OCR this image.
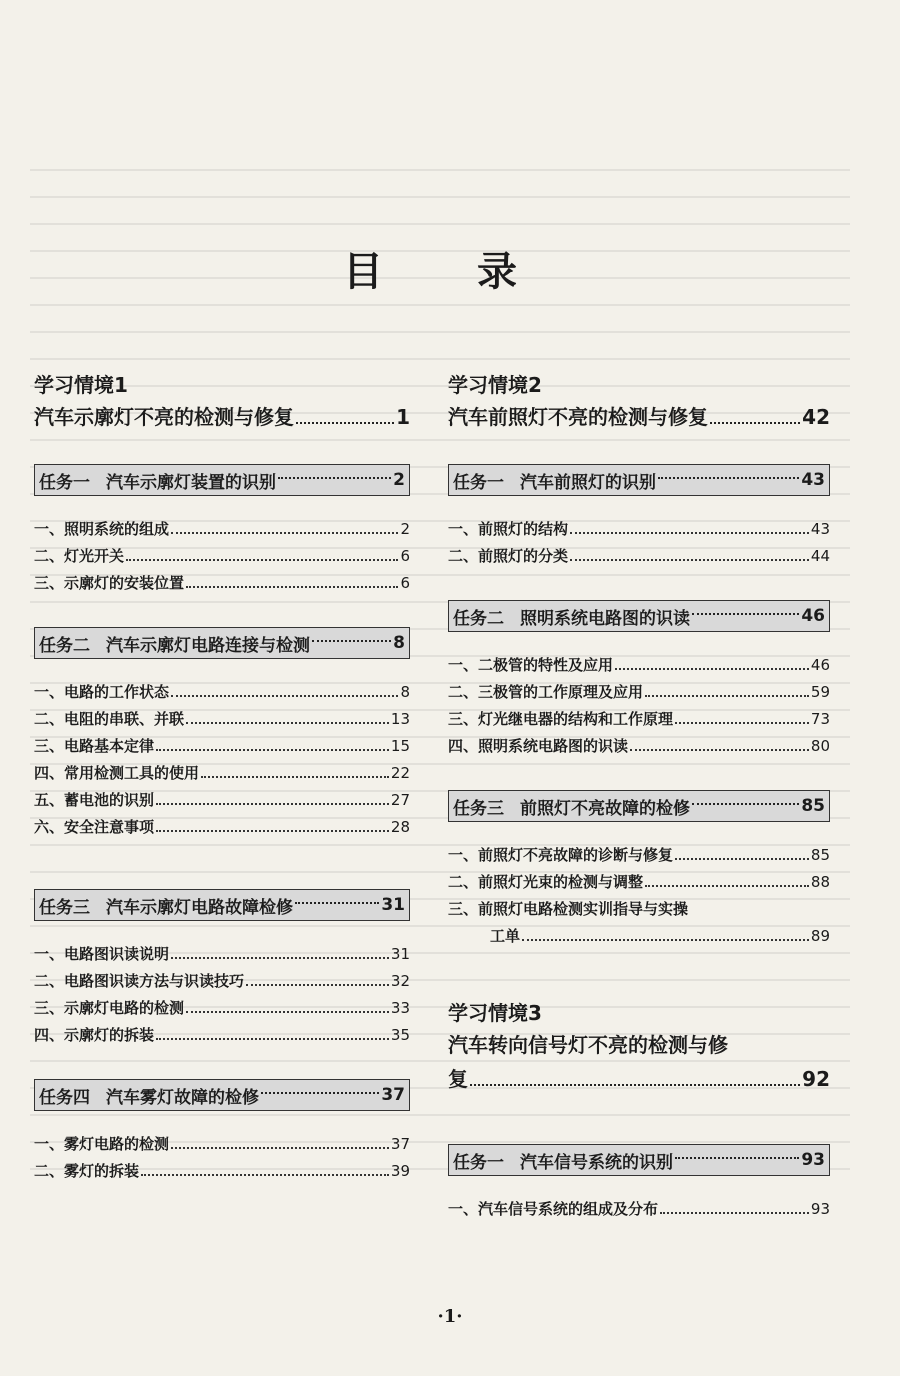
目 录
学习情境1
汽车示廓灯不亮的检测与修复	1
任务一 汽车示廓灯装置的识别	2
一、照明系统的组成	2
二、灯光开关	6
三、示廓灯的安装位置	6
任务二 汽车示廓灯电路连接与检测	8
一、电路的工作状态	8
二、电阻的串联、并联	13
三、电路基本定律	15
四、常用检测工具的使用	22
五、蓄电池的识别	27
六、安全注意事项	28
任务三 汽车示廓灯电路故障检修	31
一、电路图识读说明	31
二、电路图识读方法与识读技巧	32
三、示廓灯电路的检测	33
四、示廓灯的拆装	35
任务四 汽车雾灯故障的检修	37
一、雾灯电路的检测	37
二、雾灯的拆装	39
学习情境2
汽车前照灯不亮的检测与修复	42
任务一 汽车前照灯的识别	43
一、前照灯的结构	43
二、前照灯的分类	44
任务二 照明系统电路图的识读	46
一、二极管的特性及应用	46
二、三极管的工作原理及应用	59
三、灯光继电器的结构和工作原理	73
四、照明系统电路图的识读	80
任务三 前照灯不亮故障的检修	85
一、前照灯不亮故障的诊断与修复	85
二、前照灯光束的检测与调整	88
三、前照灯电路检测实训指导与实操
工单	89
学习情境3
汽车转向信号灯不亮的检测与修
复	92
任务一 汽车信号系统的识别	93
一、汽车信号系统的组成及分布	93
·1·
